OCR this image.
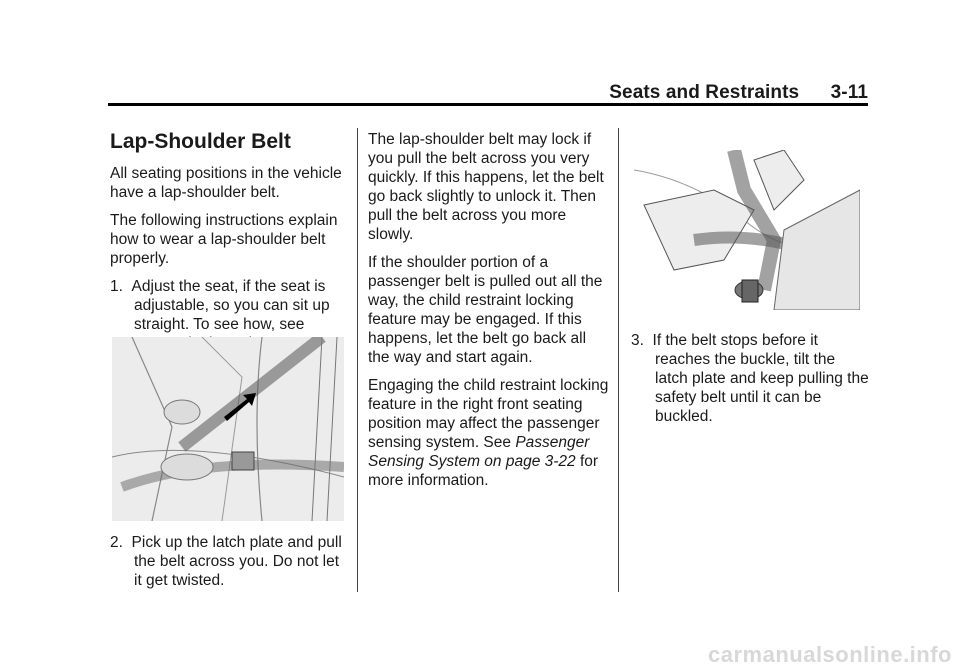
Seats and Restraints 3-11
Lap-Shoulder Belt

All seating positions in the vehicle have a lap-shoulder belt.

The following instructions explain how to wear a lap-shoulder belt properly.

1.  Adjust the seat, if the seat is adjustable, so you can sit up straight. To see how, see

2.  Pick up the latch plate and pull the belt across you. Do not let it get twisted.

The lap-shoulder belt may lock if you pull the belt across you very quickly. If this happens, let the belt go back slightly to unlock it. Then pull the belt across you more slowly.

If the shoulder portion of a passenger belt is pulled out all the way, the child restraint locking feature may be engaged. If this happens, let the belt go back all the way and start again.

Engaging the child restraint locking feature in the right front seating position may affect the passenger sensing system. See Passenger Sensing System on page 3-22 for more information.

3.  If the belt stops before it reaches the buckle, tilt the latch plate and keep pulling the safety belt until it can be buckled.

carmanualsonline.info
